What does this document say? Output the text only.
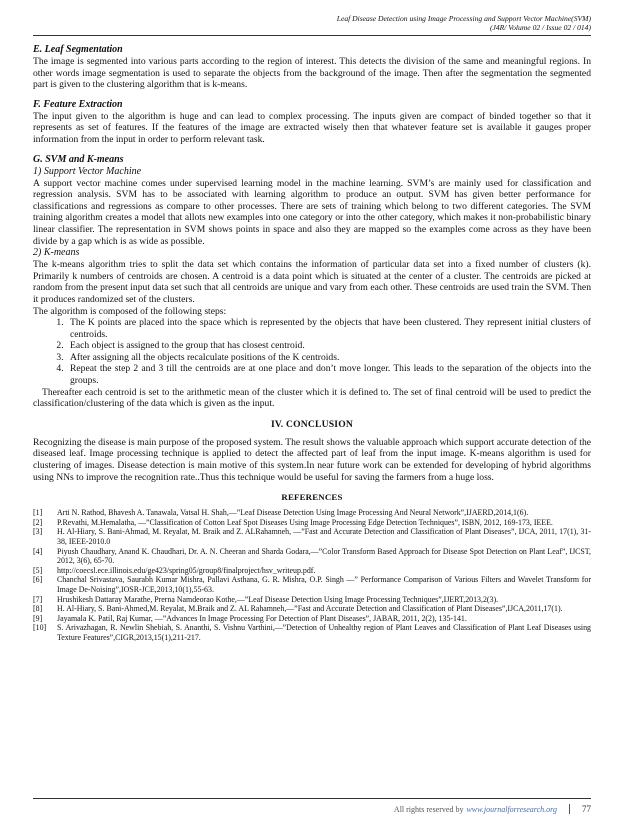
Leaf Disease Detection using Image Processing and Support Vector Machine(SVM)
(J4R/ Volume 02 / Issue 02 / 014)
E. Leaf Segmentation

The image is segmented into various parts according to the region of interest. This detects the division of the same and meaningful regions. In other words image segmentation is used to separate the objects from the background of the image. Then after the segmentation the segmented part is given to the clustering algorithm that is k-means.

F. Feature Extraction

The input given to the algorithm is huge and can lead to complex processing. The inputs given are compact of binded together so that it represents as set of features. If the features of the image are extracted wisely then that whatever feature set is available it gauges proper information from the input in order to perform relevant task.

G. SVM and K-means
1) Support Vector Machine

A support vector machine comes under supervised learning model in the machine learning. SVM’s are mainly used for classification and regression analysis. SVM has to be associated with learning algorithm to produce an output. SVM has given better performance for classifications and regressions as compare to other processes. There are sets of training which belong to two different categories. The SVM training algorithm creates a model that allots new examples into one category or into the other category, which makes it non-probabilistic binary linear classifier. The representation in SVM shows points in space and also they are mapped so the examples come across as they have been divide by a gap which is as wide as possible.

2) K-means

The k-means algorithm tries to split the data set which contains the information of particular data set into a fixed number of clusters (k). Primarily k numbers of centroids are chosen. A centroid is a data point which is situated at the center of a cluster. The centroids are picked at random from the present input data set such that all centroids are unique and vary from each other. These centroids are used train the SVM. Then it produces randomized set of the clusters.

The algorithm is composed of the following steps:

1. The K points are placed into the space which is represented by the objects that have been clustered. They represent initial clusters of centroids.
2. Each object is assigned to the group that has closest centroid.
3. After assigning all the objects recalculate positions of the K centroids.
4. Repeat the step 2 and 3 till the centroids are at one place and don’t move longer. This leads to the separation of the objects into the groups.

Thereafter each centroid is set to the arithmetic mean of the cluster which it is defined to. The set of final centroid will be used to predict the classification/clustering of the data which is given as the input.

IV. CONCLUSION

Recognizing the disease is main purpose of the proposed system. The result shows the valuable approach which support accurate detection of the diseased leaf. Image processing technique is applied to detect the affected part of leaf from the input image. K-means algorithm is used for clustering of images. Disease detection is main motive of this system.In near future work can be extended for developing of hybrid algorithms using NNs to improve the recognition rate..Thus this technique would be useful for saving the farmers from a huge loss.

REFERENCES
[1]	Arti N. Rathod, Bhavesh A. Tanawala, Vatsal H. Shah,―”Leaf Disease Detection Using Image Processing And Neural Network”,IJAERD,2014,1(6).
[2]	P.Revathi, M.Hemalatha, ―”Classification of Cotton Leaf Spot Diseases Using Image Processing Edge Detection Techniques”, ISBN, 2012, 169-173, IEEE.
[3]	H. Al-Hiary, S. Bani-Ahmad, M. Reyalat, M. Braik and Z. ALRahamneh, ―”Fast and Accurate Detection and Classification of Plant Diseases”, IJCA, 2011, 17(1), 31-38, IEEE-2010.0
[4]	Piyush Chaudhary, Anand K. Chaudhari, Dr. A. N. Cheeran and Sharda Godara,―”Color Transform Based Approach for Disease Spot Detection on Plant Leaf”, IJCST, 2012, 3(6), 65-70.
[5]	http://coecsl.ece.illinois.edu/ge423/spring05/group8/finalproject/hsv_writeup.pdf.
[6]	Chanchal Srivastava, Saurabh Kumar Mishra, Pallavi Asthana, G. R. Mishra, O.P. Singh ―” Performance Comparison of Various Filters and Wavelet Transform for Image De-Noising”,IOSR-JCE,2013,10(1),55-63.
[7]	Hrushikesh Dattaray Marathe, Prerna Namdeorao Kothe,―”Leaf Disease Detection Using Image Processing Techniques”,IJERT,2013,2(3).
[8]	H. Al-Hiary, S. Bani-Ahmed,M. Reyalat, M.Braik and Z. AL Rahamneh,―”Fast and Accurate Detection and Classification of Plant Diseases”,IJCA,2011,17(1).
[9]	Jayamala K. Patil, Raj Kumar, ―”Advances In Image Processing For Detection of Plant Diseases”, JABAR, 2011, 2(2), 135-141.
[10]	S. Arivazhagan, R. Newlin Shebiah, S. Ananthi, S. Vishnu Varthini,―”Detection of Unhealthy region of Plant Leaves and Classification of Plant Leaf Diseases using Texture Features”,CIGR,2013,15(1),211-217.
All rights reserved by www.journalforresearch.org	77
